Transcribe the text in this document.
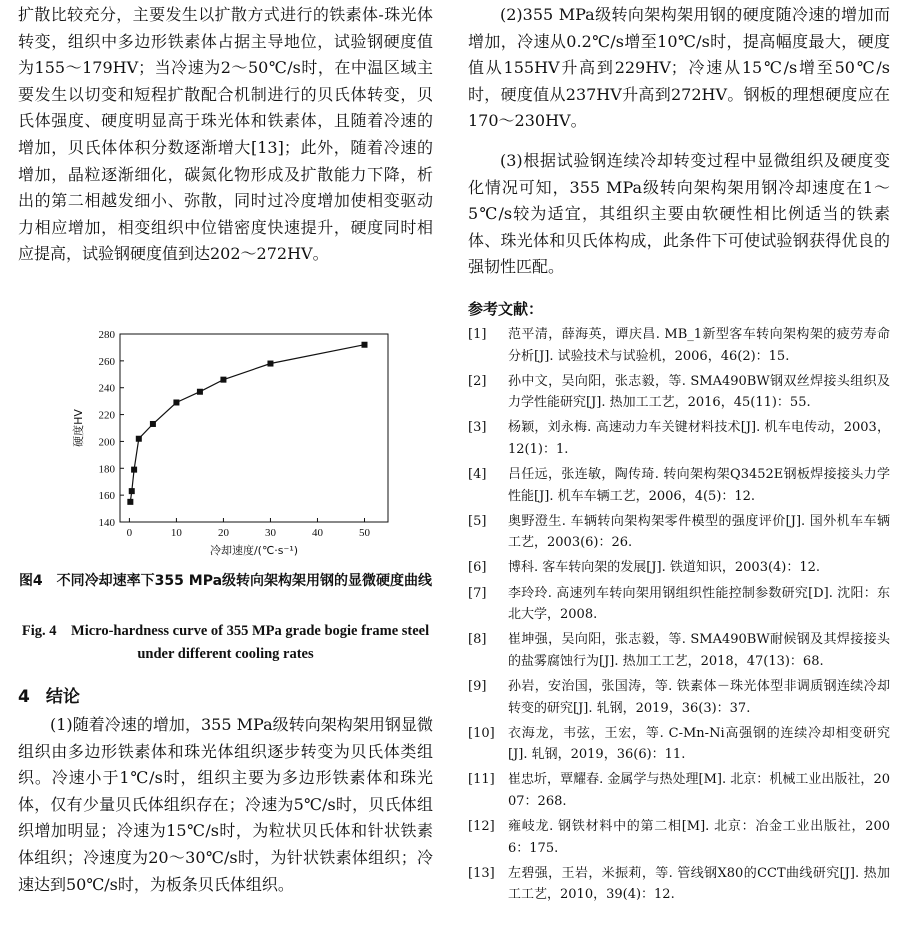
扩散比较充分，主要发生以扩散方式进行的铁素体-珠光体转变，组织中多边形铁素体占据主导地位，试验钢硬度值为155～179HV；当冷速为2～50℃/s时，在中温区域主要发生以切变和短程扩散配合机制进行的贝氏体转变，贝氏体强度、硬度明显高于珠光体和铁素体，且随着冷速的增加，贝氏体体积分数逐渐增大[13]；此外，随着冷速的增加，晶粒逐渐细化，碳氮化物形成及扩散能力下降，析出的第二相越发细小、弥散，同时过冷度增加使相变驱动力相应增加，相变组织中位错密度快速提升，硬度同时相应提高，试验钢硬度值到达202～272HV。

140
160
180
200
220
240
260
280
0	10	20	30	40	50
冷却速度/(℃·s⁻¹)
硬度HV
图4　不同冷却速率下355 MPa级转向架构架用钢的显微硬度曲线
Fig. 4　Micro-hardness curve of 355 MPa grade bogie frame steel under different cooling rates
4 结论

(1)随着冷速的增加，355 MPa级转向架构架用钢显微组织由多边形铁素体和珠光体组织逐步转变为贝氏体类组织。冷速小于1℃/s时，组织主要为多边形铁素体和珠光体，仅有少量贝氏体组织存在；冷速为5℃/s时，贝氏体组织增加明显；冷速为15℃/s时，为粒状贝氏体和针状铁素体组织；冷速度为20～30℃/s时，为针状铁素体组织；冷速达到50℃/s时，为板条贝氏体组织。

(2)355 MPa级转向架构架用钢的硬度随冷速的增加而增加，冷速从0.2℃/s增至10℃/s时，提高幅度最大，硬度值从155HV升高到229HV；冷速从15℃/s增至50℃/s时，硬度值从237HV升高到272HV。钢板的理想硬度应在170～230HV。

(3)根据试验钢连续冷却转变过程中显微组织及硬度变化情况可知，355 MPa级转向架构架用钢冷却速度在1～5℃/s较为适宜，其组织主要由软硬性相比例适当的铁素体、珠光体和贝氏体构成，此条件下可使试验钢获得优良的强韧性匹配。

参考文献：
[1]	范平清，薛海英，谭庆昌. MB_1新型客车转向架构架的疲劳寿命分析[J]. 试验技术与试验机，2006，46(2)：15.
[2]	孙中文，吴向阳，张志毅，等. SMA490BW钢双丝焊接头组织及力学性能研究[J]. 热加工工艺，2016，45(11)：55.
[3]	杨颖，刘永梅. 高速动力车关键材料技术[J]. 机车电传动，2003，12(1)：1.
[4]	吕任远，张连敏，陶传琦. 转向架构架Q3452E钢板焊接接头力学性能[J]. 机车车辆工艺，2006，4(5)：12.
[5]	奥野澄生. 车辆转向架构架零件模型的强度评价[J]. 国外机车车辆工艺，2003(6)：26.
[6]	博科. 客车转向架的发展[J]. 铁道知识，2003(4)：12.
[7]	李玲玲. 高速列车转向架用钢组织性能控制参数研究[D]. 沈阳：东北大学，2008.
[8]	崔坤强，吴向阳，张志毅，等. SMA490BW耐候钢及其焊接接头的盐雾腐蚀行为[J]. 热加工工艺，2018，47(13)：68.
[9]	孙岩，安治国，张国涛，等. 铁素体－珠光体型非调质钢连续冷却转变的研究[J]. 轧钢，2019，36(3)：37.
[10]	衣海龙，韦弦，王宏，等. C-Mn-Ni高强钢的连续冷却相变研究[J]. 轧钢，2019，36(6)：11.
[11]	崔忠圻，覃耀春. 金属学与热处理[M]. 北京：机械工业出版社，2007：268.
[12]	雍岐龙. 钢铁材料中的第二相[M]. 北京：冶金工业出版社，2006：175.
[13]	左碧强，王岩，米振莉，等. 管线钢X80的CCT曲线研究[J]. 热加工工艺，2010，39(4)：12.
